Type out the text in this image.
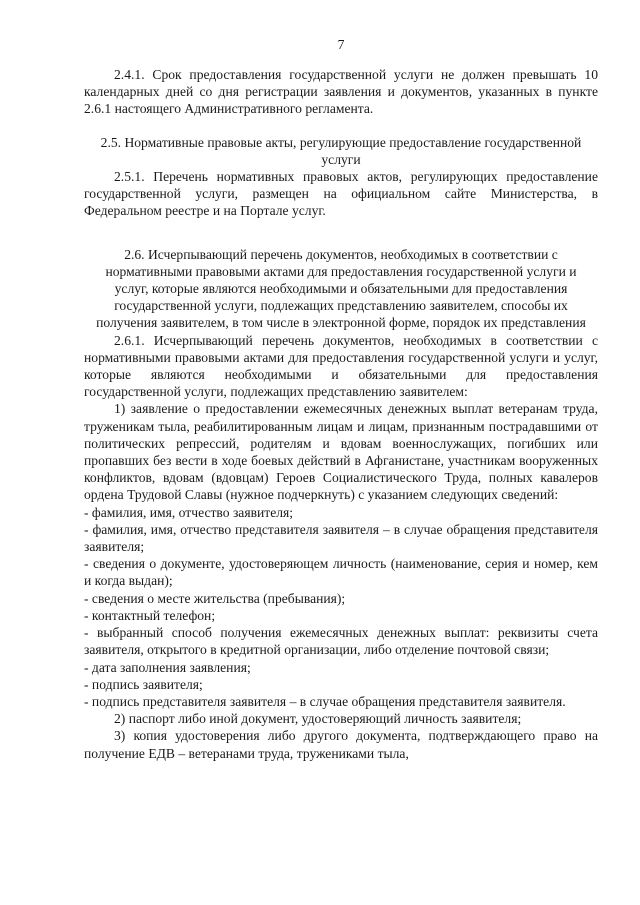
7

2.4.1. Срок предоставления государственной услуги не должен превышать 10 календарных дней со дня регистрации заявления и документов, указанных в пункте 2.6.1 настоящего Административного регламента.

2.5. Нормативные правовые акты, регулирующие предоставление государственной услуги

2.5.1. Перечень нормативных правовых актов, регулирующих предоставление государственной услуги, размещен на официальном сайте Министерства, в Федеральном реестре и на Портале услуг.

2.6. Исчерпывающий перечень документов, необходимых в соответствии с нормативными правовыми актами для предоставления государственной услуги и услуг, которые являются необходимыми и обязательными для предоставления государственной услуги, подлежащих представлению заявителем, способы их получения заявителем, в том числе в электронной форме, порядок их представления

2.6.1. Исчерпывающий перечень документов, необходимых в соответствии с нормативными правовыми актами для предоставления государственной услуги и услуг, которые являются необходимыми и обязательными для предоставления государственной услуги, подлежащих представлению заявителем:

1) заявление о предоставлении ежемесячных денежных выплат ветеранам труда, труженикам тыла, реабилитированным лицам и лицам, признанным пострадавшими от политических репрессий, родителям и вдовам военнослужащих, погибших или пропавших без вести в ходе боевых действий в Афганистане, участникам вооруженных конфликтов, вдовам (вдовцам) Героев Социалистического Труда, полных кавалеров ордена Трудовой Славы (нужное подчеркнуть) с указанием следующих сведений:

- фамилия, имя, отчество заявителя;

- фамилия, имя, отчество представителя заявителя – в случае обращения представителя заявителя;

- сведения о документе, удостоверяющем личность (наименование, серия и номер, кем и когда выдан);

- сведения о месте жительства (пребывания);

- контактный телефон;

- выбранный способ получения ежемесячных денежных выплат: реквизиты счета заявителя, открытого в кредитной организации, либо отделение почтовой связи;

- дата заполнения заявления;

- подпись заявителя;

- подпись представителя заявителя – в случае обращения представителя заявителя.

2) паспорт либо иной документ, удостоверяющий личность заявителя;

3) копия удостоверения либо другого документа, подтверждающего право на получение ЕДВ – ветеранами труда, тружениками тыла,
